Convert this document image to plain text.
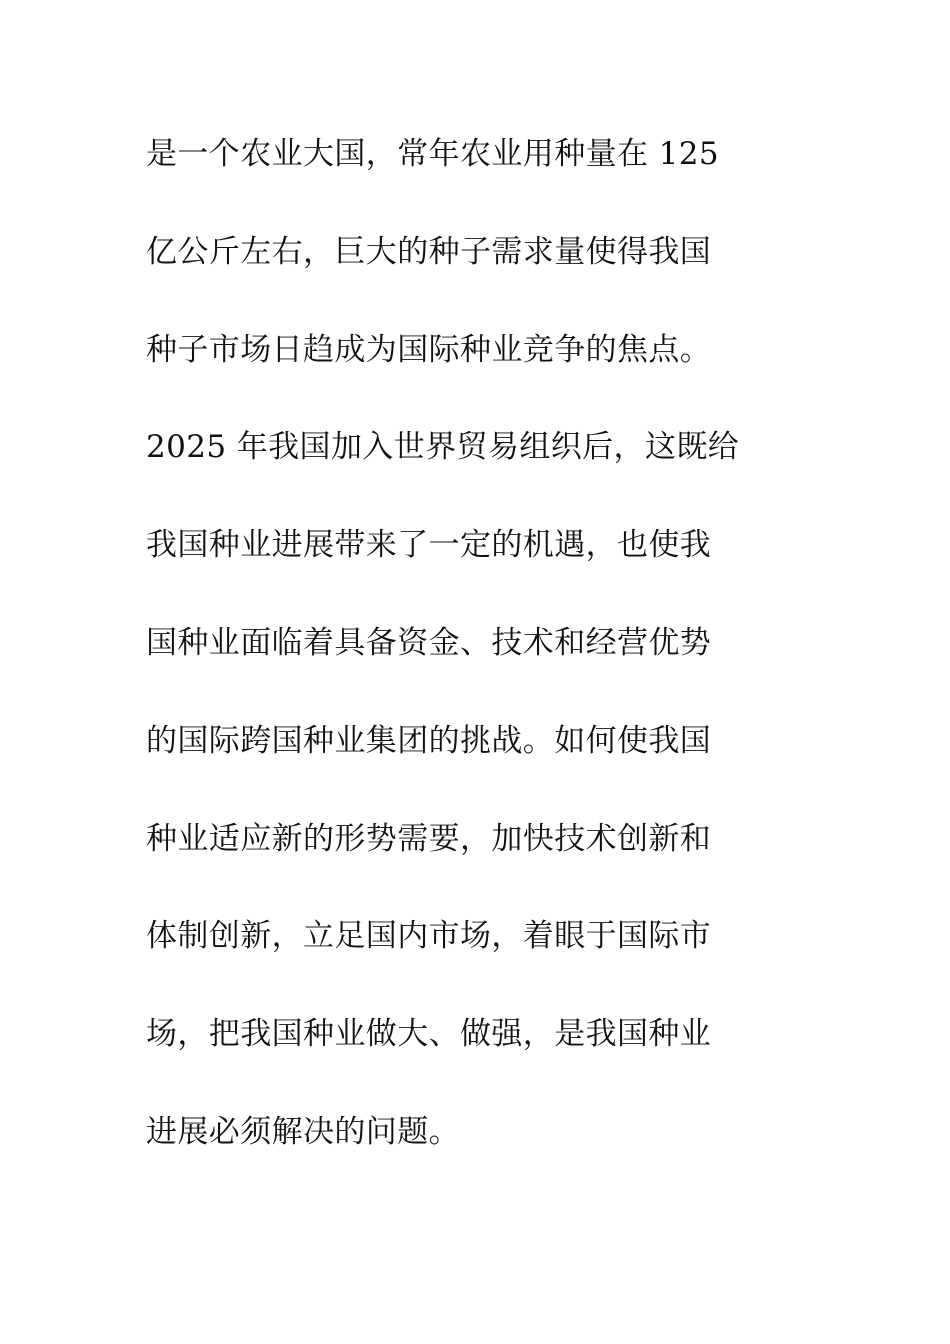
是一个农业大国，常年农业用种量在 125
亿公斤左右，巨大的种子需求量使得我国
种子市场日趋成为国际种业竞争的焦点。
2025 年我国加入世界贸易组织后，这既给
我国种业进展带来了一定的机遇，也使我
国种业面临着具备资金、技术和经营优势
的国际跨国种业集团的挑战。如何使我国
种业适应新的形势需要，加快技术创新和
体制创新，立足国内市场，着眼于国际市
场，把我国种业做大、做强，是我国种业
进展必须解决的问题。
